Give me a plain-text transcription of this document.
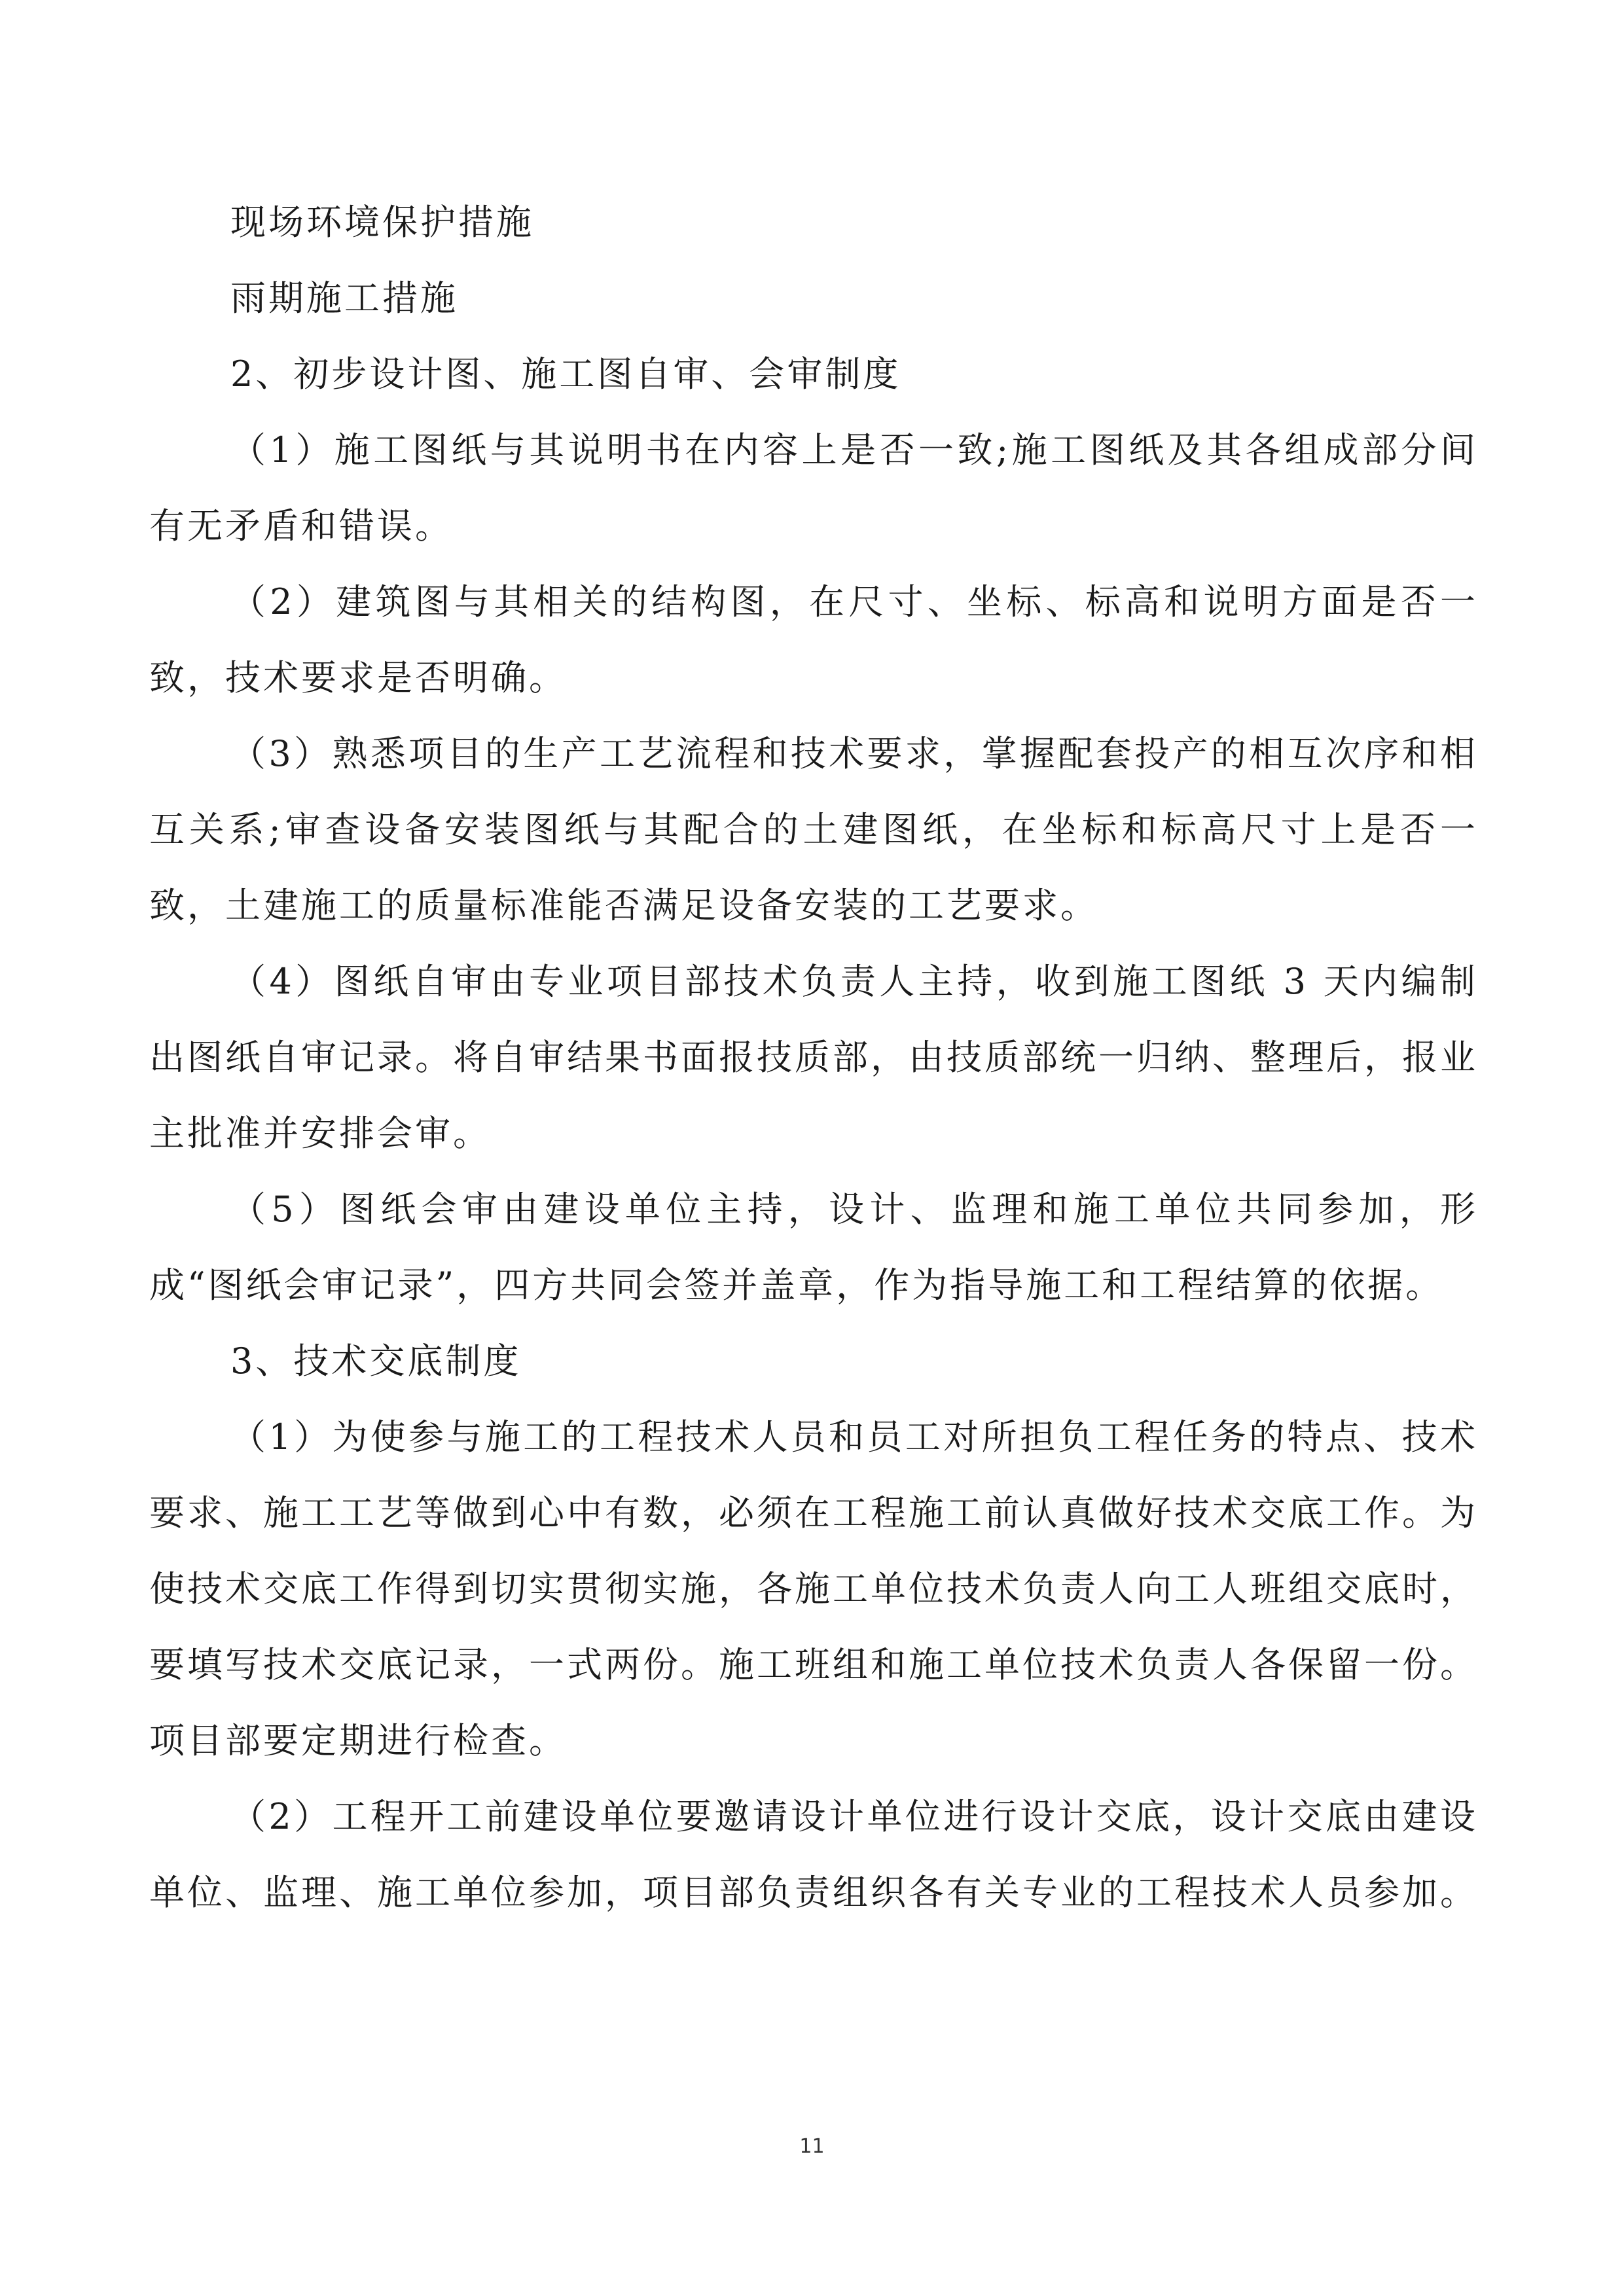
现场环境保护措施

雨期施工措施

2、初步设计图、施工图自审、会审制度

（1）施工图纸与其说明书在内容上是否一致;施工图纸及其各组成部分间有无矛盾和错误。

（2）建筑图与其相关的结构图，在尺寸、坐标、标高和说明方面是否一致，技术要求是否明确。

（3）熟悉项目的生产工艺流程和技术要求，掌握配套投产的相互次序和相互关系;审查设备安装图纸与其配合的土建图纸，在坐标和标高尺寸上是否一致，土建施工的质量标准能否满足设备安装的工艺要求。

（4）图纸自审由专业项目部技术负责人主持，收到施工图纸 3 天内编制出图纸自审记录。将自审结果书面报技质部，由技质部统一归纳、整理后，报业主批准并安排会审。

（5）图纸会审由建设单位主持，设计、监理和施工单位共同参加，形成“图纸会审记录”，四方共同会签并盖章，作为指导施工和工程结算的依据。

3、技术交底制度

（1）为使参与施工的工程技术人员和员工对所担负工程任务的特点、技术要求、施工工艺等做到心中有数，必须在工程施工前认真做好技术交底工作。为使技术交底工作得到切实贯彻实施，各施工单位技术负责人向工人班组交底时，要填写技术交底记录，一式两份。施工班组和施工单位技术负责人各保留一份。项目部要定期进行检查。

（2）工程开工前建设单位要邀请设计单位进行设计交底，设计交底由建设单位、监理、施工单位参加，项目部负责组织各有关专业的工程技术人员参加。

11
